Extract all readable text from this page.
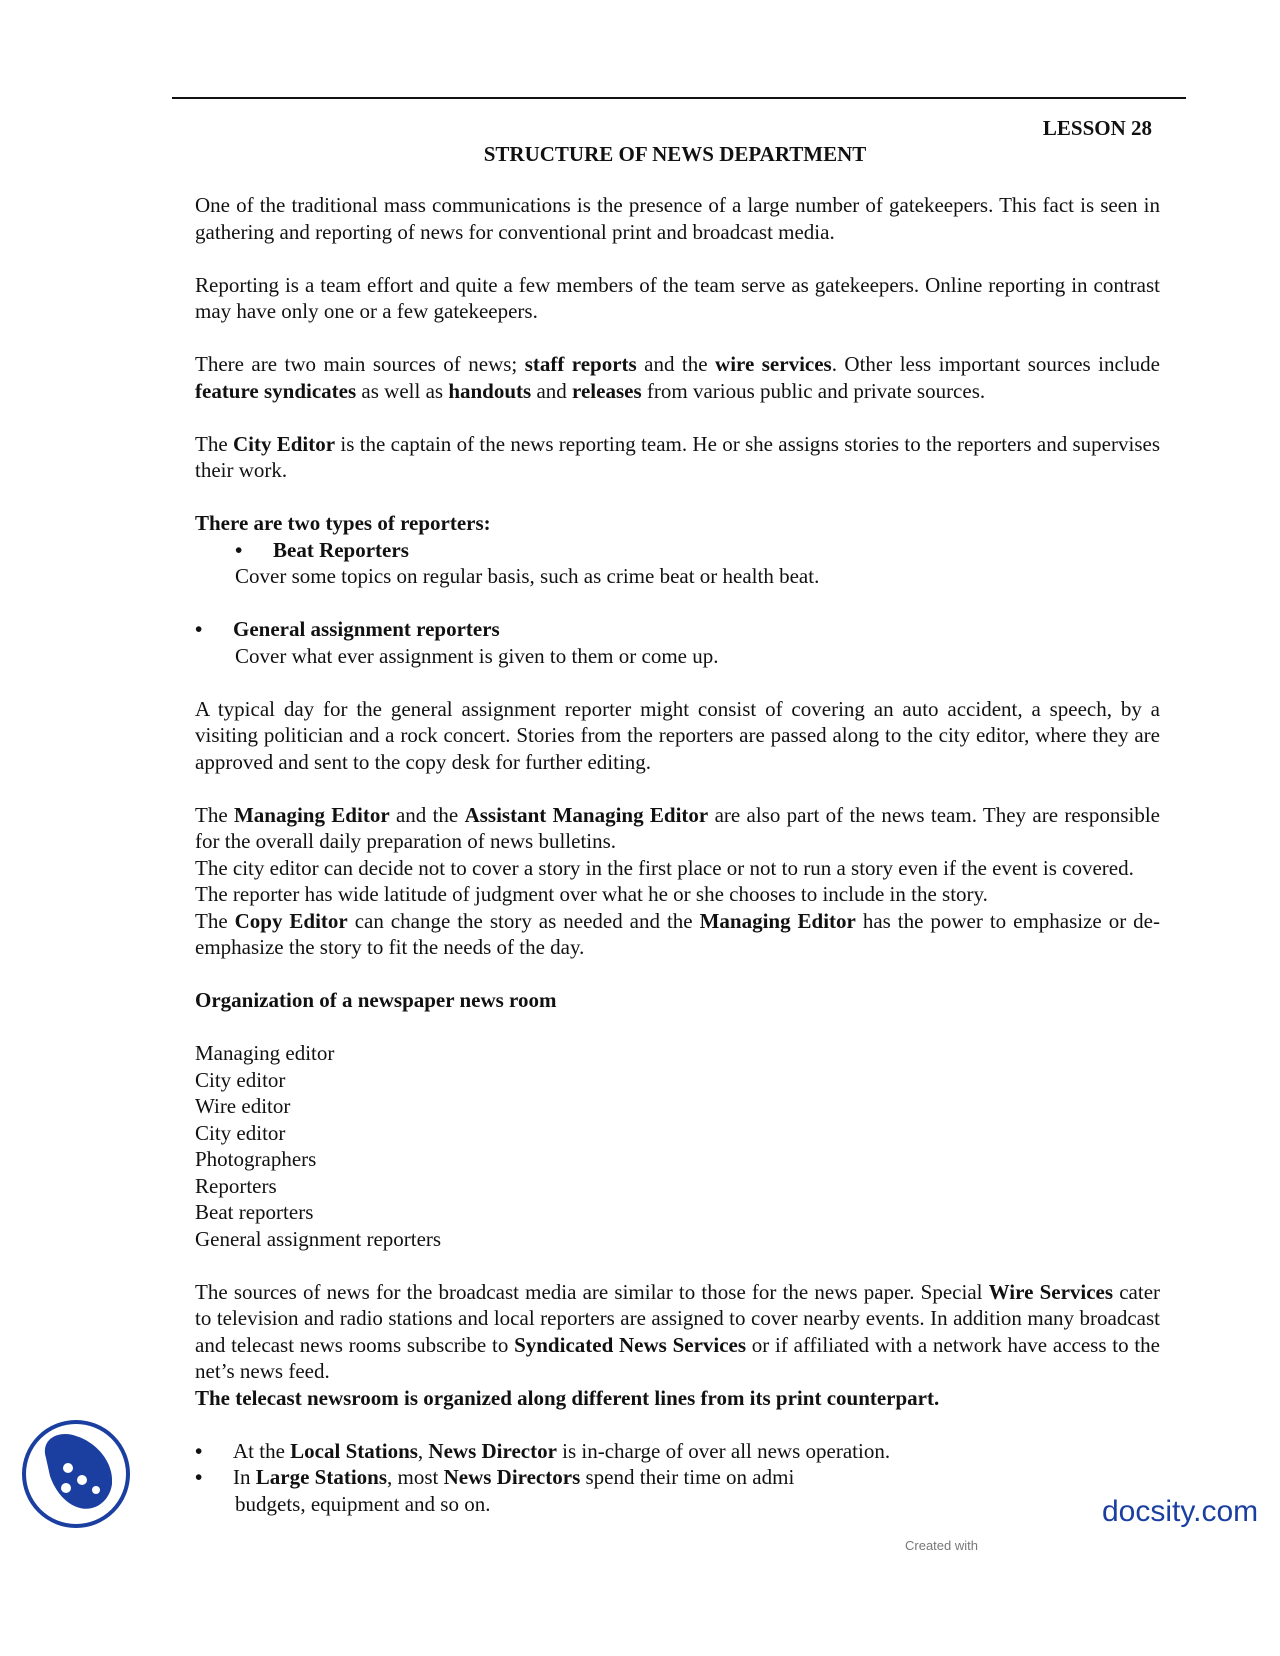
LESSON 28
STRUCTURE OF NEWS DEPARTMENT

One of the traditional mass communications is the presence of a large number of gatekeepers. This fact is seen in gathering and reporting of news for conventional print and broadcast media.

Reporting is a team effort and quite a few members of the team serve as gatekeepers. Online reporting in contrast may have only one or a few gatekeepers.

There are two main sources of news; staff reports and the wire services. Other less important sources include feature syndicates as well as handouts and releases from various public and private sources.

The City Editor is the captain of the news reporting team. He or she assigns stories to the reporters and supervises their work.

There are two types of reporters:

•	Beat Reporters

Cover some topics on regular basis, such as crime beat or health beat.

•	General assignment reporters

Cover what ever assignment is given to them or come up.

A typical day for the general assignment reporter might consist of covering an auto accident, a speech, by a visiting politician and a rock concert. Stories from the reporters are passed along to the city editor, where they are approved and sent to the copy desk for further editing.

The Managing Editor and the Assistant Managing Editor are also part of the news team. They are responsible for the overall daily preparation of news bulletins.

The city editor can decide not to cover a story in the first place or not to run a story even if the event is covered.

The reporter has wide latitude of judgment over what he or she chooses to include in the story.

The Copy Editor can change the story as needed and the Managing Editor has the power to emphasize or de-emphasize the story to fit the needs of the day.

Organization of a newspaper news room

Managing editor
City editor
Wire editor
City editor
Photographers
Reporters
Beat reporters
General assignment reporters

The sources of news for the broadcast media are similar to those for the news paper. Special Wire Services cater to television and radio stations and local reporters are assigned to cover nearby events. In addition many broadcast and telecast news rooms subscribe to Syndicated News Services or if affiliated with a network have access to the net’s news feed.

The telecast newsroom is organized along different lines from its print counterpart.

•	At the Local Stations, News Director is in-charge of over all news operation.
•	In Large Stations, most News Directors spend their time on admi

budgets, equipment and so on.	docsity.com
Created with
